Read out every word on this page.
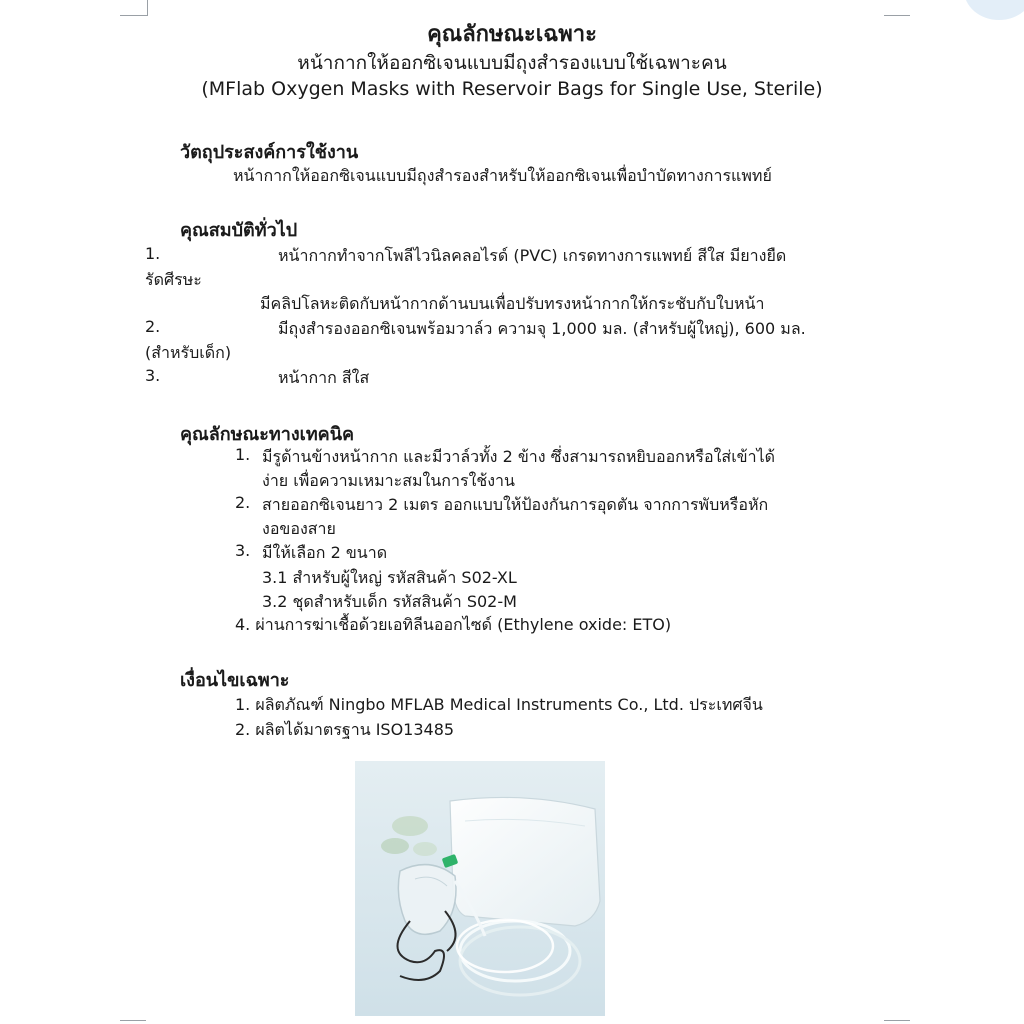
คุณลักษณะเฉพาะ
หน้ากากให้ออกซิเจนแบบมีถุงสำรองแบบใช้เฉพาะคน
(MFlab Oxygen Masks with Reservoir Bags for Single Use, Sterile)
วัตถุประสงค์การใช้งาน
หน้ากากให้ออกซิเจนแบบมีถุงสำรองสำหรับให้ออกซิเจนเพื่อบำบัดทางการแพทย์
คุณสมบัติทั่วไป
1.	หน้ากากทำจากโพลีไวนิลคลอไรด์ (PVC) เกรดทางการแพทย์ สีใส มียางยืด
รัดศีรษะ
มีคลิปโลหะติดกับหน้ากากด้านบนเพื่อปรับทรงหน้ากากให้กระชับกับใบหน้า
2.	มีถุงสำรองออกซิเจนพร้อมวาล์ว ความจุ 1,000 มล. (สำหรับผู้ใหญ่), 600 มล.
(สำหรับเด็ก)
3.	หน้ากาก สีใส
คุณลักษณะทางเทคนิค
1. มีรูด้านข้างหน้ากาก และมีวาล์วทั้ง 2 ข้าง ซึ่งสามารถหยิบออกหรือใส่เข้าได้
ง่าย เพื่อความเหมาะสมในการใช้งาน
2. สายออกซิเจนยาว 2 เมตร ออกแบบให้ป้องกันการอุดตัน จากการพับหรือหัก
งอของสาย
3. มีให้เลือก 2 ขนาด
3.1 สำหรับผู้ใหญ่ รหัสสินค้า S02-XL
3.2 ชุดสำหรับเด็ก รหัสสินค้า S02-M
4. ผ่านการฆ่าเชื้อด้วยเอทิลีนออกไซด์ (Ethylene oxide: ETO)
เงื่อนไขเฉพาะ
1. ผลิตภัณฑ์ Ningbo MFLAB Medical Instruments Co., Ltd. ประเทศจีน
2. ผลิตได้มาตรฐาน ISO13485
